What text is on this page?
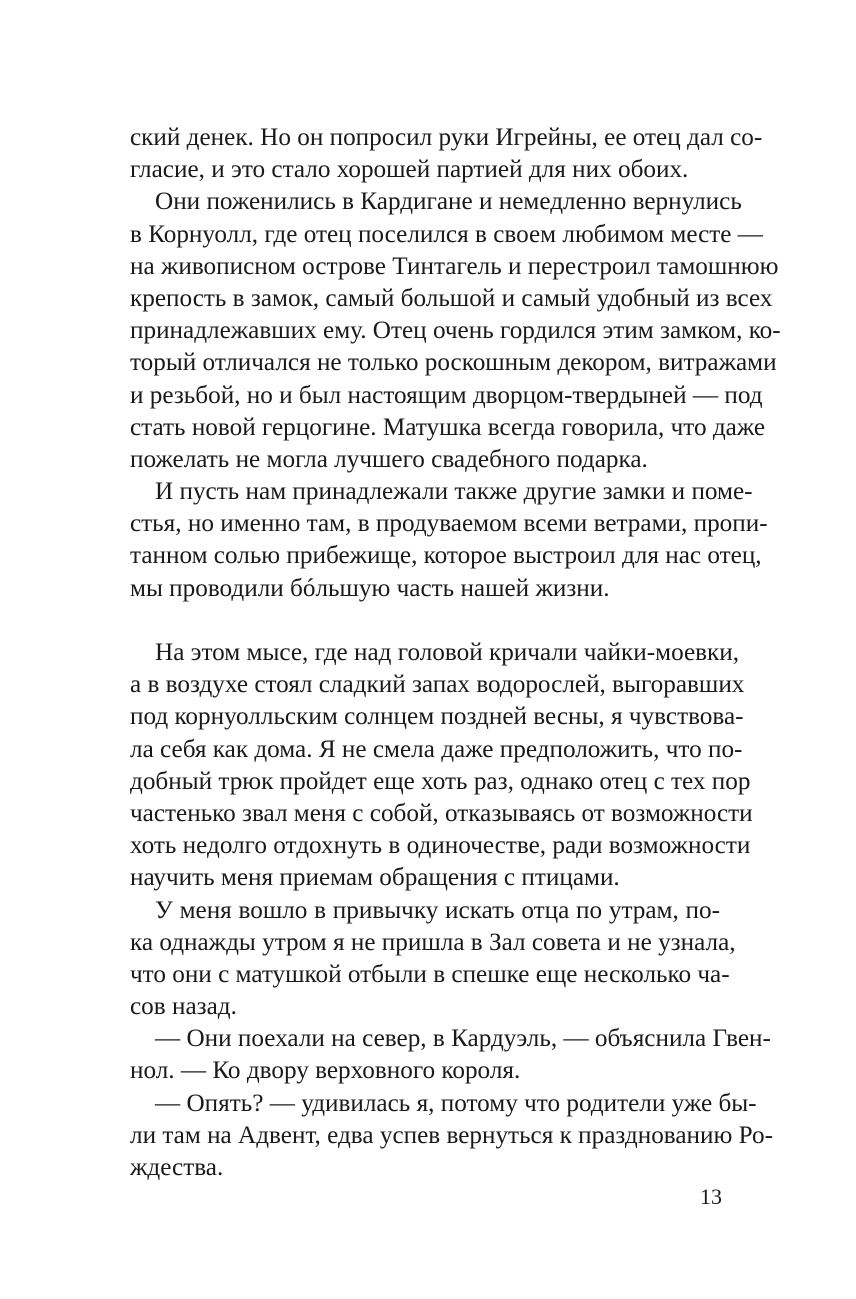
ский денек. Но он попросил руки Игрейны, ее отец дал со-
гласие, и это стало хорошей партией для них обоих.
Они поженились в Кардигане и немедленно вернулись
в Корнуолл, где отец поселился в своем любимом месте —
на живописном острове Тинтагель и перестроил тамошнюю
крепость в замок, самый большой и самый удобный из всех
принадлежавших ему. Отец очень гордился этим замком, ко-
торый отличался не только роскошным декором, витражами
и резьбой, но и был настоящим дворцом-твердыней — под
стать новой герцогине. Матушка всегда говорила, что даже
пожелать не могла лучшего свадебного подарка.
И пусть нам принадлежали также другие замки и поме-
стья, но именно там, в продуваемом всеми ветрами, пропи-
танном солью прибежище, которое выстроил для нас отец,
мы проводили бóльшую часть нашей жизни.
На этом мысе, где над головой кричали чайки-моевки,
а в воздухе стоял сладкий запах водорослей, выгоравших
под корнуолльским солнцем поздней весны, я чувствова-
ла себя как дома. Я не смела даже предположить, что по-
добный трюк пройдет еще хоть раз, однако отец с тех пор
частенько звал меня с собой, отказываясь от возможности
хоть недолго отдохнуть в одиночестве, ради возможности
научить меня приемам обращения с птицами.
У меня вошло в привычку искать отца по утрам, по-
ка однажды утром я не пришла в Зал совета и не узнала,
что они с матушкой отбыли в спешке еще несколько ча-
сов назад.
— Они поехали на север, в Кардуэль, — объяснила Гвен-
нол. — Ко двору верховного короля.
— Опять? — удивилась я, потому что родители уже бы-
ли там на Адвент, едва успев вернуться к празднованию Ро-
ждества.
13
